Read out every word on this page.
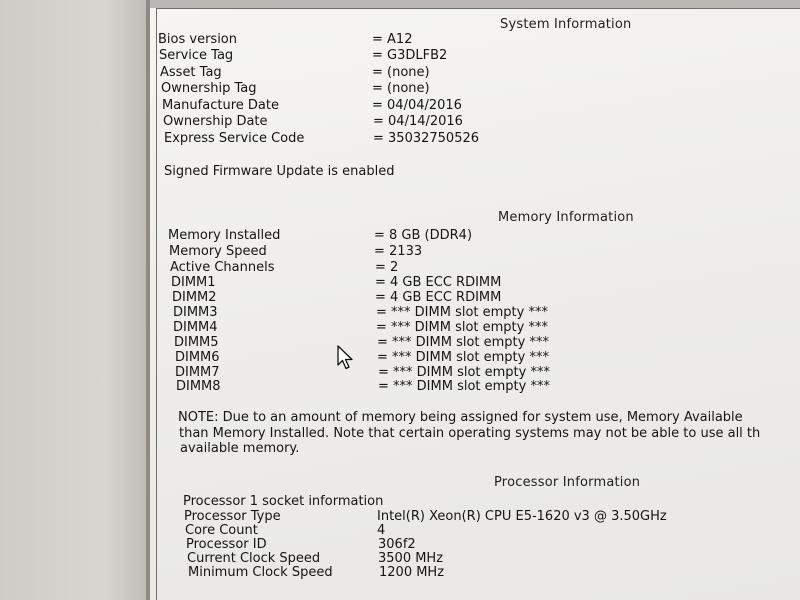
System Information
Bios version	= A12
Service Tag	= G3DLFB2
Asset Tag	= (none)
Ownership Tag	= (none)
Manufacture Date	= 04/04/2016
Ownership Date	= 04/14/2016
Express Service Code	= 35032750526
Signed Firmware Update is enabled
Memory Information
Memory Installed	= 8 GB (DDR4)
Memory Speed	= 2133
Active Channels	= 2
DIMM1	= 4 GB ECC RDIMM
DIMM2	= 4 GB ECC RDIMM
DIMM3	= *** DIMM slot empty ***
DIMM4	= *** DIMM slot empty ***
DIMM5	= *** DIMM slot empty ***
DIMM6	= *** DIMM slot empty ***
DIMM7	= *** DIMM slot empty ***
DIMM8	= *** DIMM slot empty ***
NOTE: Due to an amount of memory being assigned for system use, Memory Available
than Memory Installed. Note that certain operating systems may not be able to use all th
available memory.
Processor Information
Processor 1 socket information
Processor Type	Intel(R) Xeon(R) CPU E5-1620 v3 @ 3.50GHz
Core Count	4
Processor ID	306f2
Current Clock Speed	3500 MHz
Minimum Clock Speed	1200 MHz
